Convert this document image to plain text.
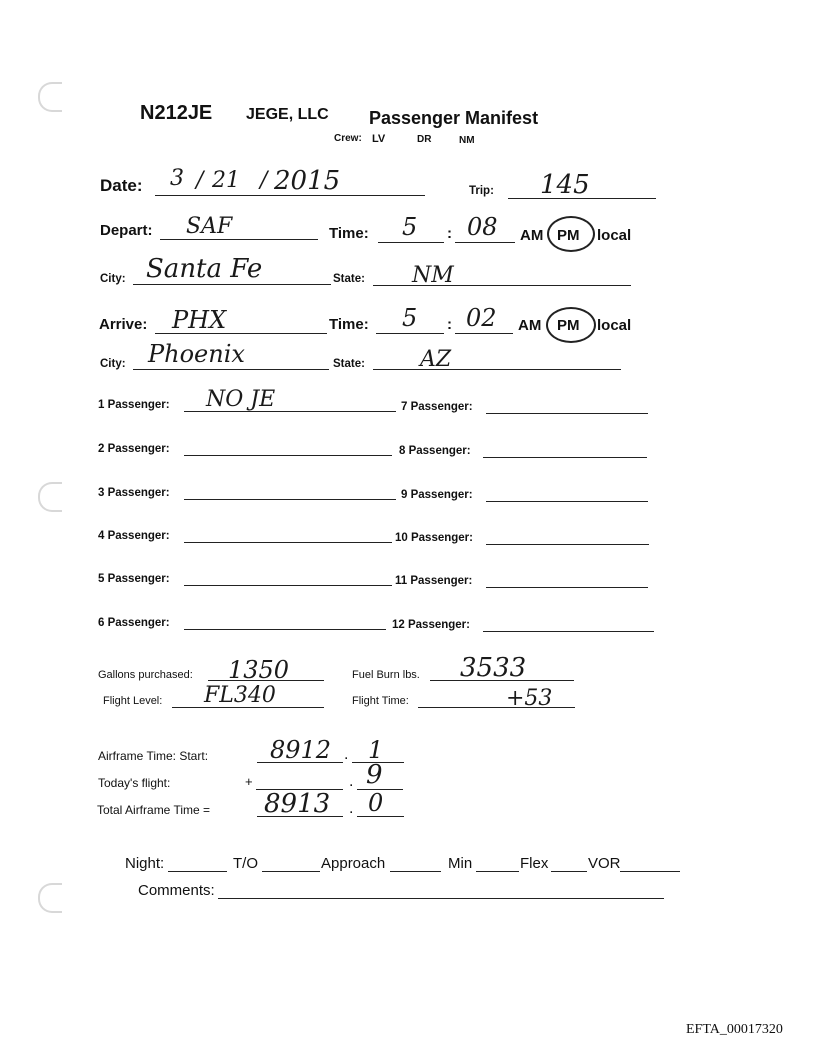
N212JE JEGE, LLC Passenger Manifest
Crew: LV	DR	NM
Date: 3 / 21 / 2015	Trip: 145
Depart: SAF	Time: 5 : 08 AM PM local
City: Santa Fe	State: NM
Arrive: PHX	Time: 5 : 02 AM PM local
City: Phoenix	State:	AZ
1 Passenger: NO JE
2 Passenger:
3 Passenger:
4 Passenger:
5 Passenger:
6 Passenger:
7 Passenger:
8 Passenger:
9 Passenger:
10 Passenger:
11 Passenger:
12 Passenger:
Gallons purchased: 1350	Fuel Burn lbs. 3533
Flight Level: FL340	Flight Time:	+53
Airframe Time: Start:	8912 . 1
Today's flight:	+	. 9
Total Airframe Time = 8913 . 0
Night:	T/O	Approach	Min	Flex	VOR
Comments:
EFTA_00017320
